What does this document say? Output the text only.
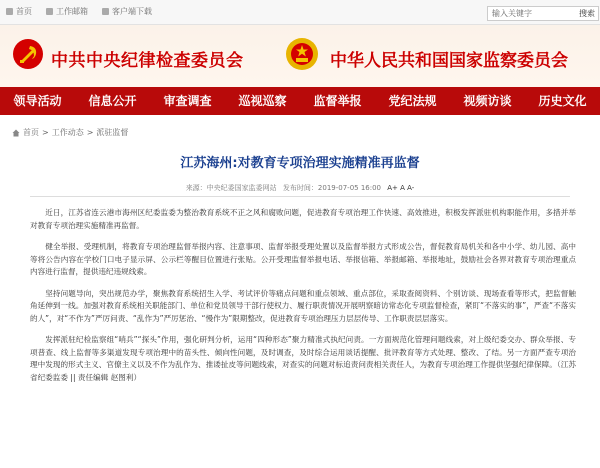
首页	工作邮箱	客户端下载	输入关键字	搜索
中共中央纪律检查委员会	中华人民共和国国家监察委员会
领导活动	信息公开	审查调查	巡视巡察	监督举报	党纪法规	视频访谈	历史文化
首页 > 工作动态 > 派驻监督
江苏海州:对教育专项治理实施精准再监督
来源：中央纪委国家监委网站 发布时间：2019-07-05 16:00 A+ A A-

近日，江苏省连云港市海州区纪委监委为整治教育系统不正之风和腐败问题，促进教育专项治理工作快速、高效推进，积极发挥派驻机构职能作用，多措并举对教育专项治理实施精准再监督。

健全举报、受理机制，将教育专项治理监督举报内容、注意事项、监督举报受理处置以及监督举报方式形成公告，督促教育局机关和各中小学、幼儿园、高中等将公告内容在学校门口电子显示屏、公示栏等醒目位置进行张贴。公开受理监督举报电话、举报信箱、举报邮箱、举报地址，鼓励社会各界对教育专项治理重点内容进行监督，提供违纪违规线索。

坚持问题导向，突出规范办学，聚焦教育系统招生入学、考试评价等痛点问题和重点领域、重点部位，采取查阅资料、个别访谈、现场查看等形式，把监督触角延伸到一线。加强对教育系统相关职能部门、单位和党员领导干部行使权力、履行职责情况开展明察暗访常态化专项监督检查，紧盯“不落实的事”，严查“不落实的人”，对“不作为”严厉问责、“乱作为”严厉惩治、“慢作为”限期整改，促进教育专项治理压力层层传导、工作职责层层落实。

发挥派驻纪检监察组“哨兵”“探头”作用，强化研判分析，运用“四种形态”聚力精准式执纪问责。一方面规范化管理问题线索，对上级纪委交办、群众举报、专项普查、线上监督等多渠道发现专项治理中的苗头性、倾向性问题，及时调查，及时综合运用谈话提醒、批评教育等方式处理、整改、了结。另一方面严查专项治理中发现的形式主义、官僚主义以及不作为乱作为、推诿扯皮等问题线索，对查实的问题对标追责问责相关责任人，为教育专项治理工作提供坚强纪律保障。（江苏省纪委监委 || 责任编辑 赵图利）
